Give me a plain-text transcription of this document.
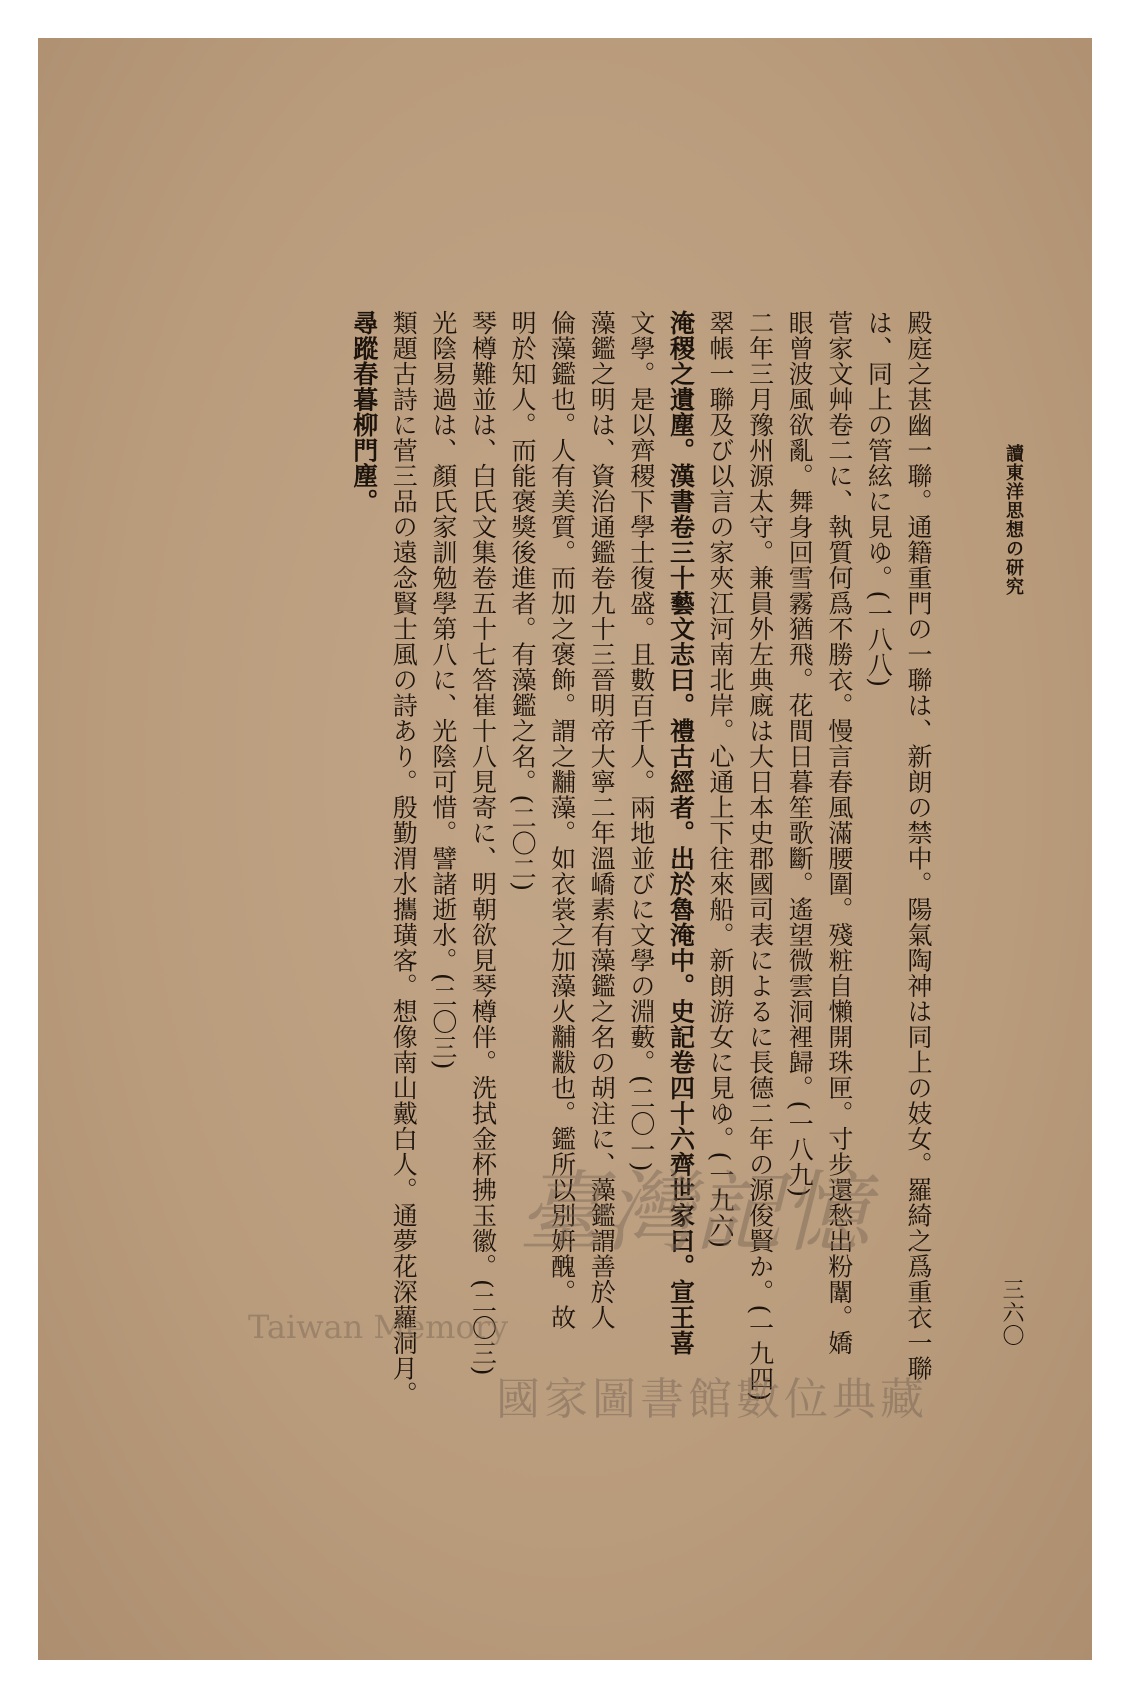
讀東洋思想の研究
三六〇
殿庭之甚幽一聯。通籍重門の一聯は、新朗の禁中。陽氣陶神は同上の妓女。羅綺之爲重衣一聯
は、同上の管絃に見ゆ。(一八八)
菅家文艸卷二に、執質何爲不勝衣。慢言春風滿腰圍。殘粧自懶開珠匣。寸步還愁出粉闈。嬌
眼曾波風欲亂。舞身回雪霧猶飛。花間日暮笙歌斷。遙望微雲洞裡歸。(一八九)
二年三月豫州源太守。兼員外左典廐は大日本史郡國司表によるに長德二年の源俊賢か。(一九四)
翠帳一聯及び以言の家夾江河南北岸。心通上下往來船。新朗游女に見ゆ。(一九六)
淹稷之遺塵。漢書卷三十藝文志曰。禮古經者。出於魯淹中。史記卷四十六齊世家曰。宣王喜
文學。是以齊稷下學士復盛。且數百千人。兩地並びに文學の淵藪。(二〇一)
藻鑑之明は、資治通鑑卷九十三晉明帝大寧二年溫嶠素有藻鑑之名の胡注に、藻鑑謂善於人
倫藻鑑也。人有美質。而加之褒飾。謂之黼藻。如衣裳之加藻火黼黻也。鑑所以別姸醜。故
明於知人。而能褒獎後進者。有藻鑑之名。(二〇二)
琴樽難並は、白氏文集卷五十七答崔十八見寄に、明朝欲見琴樽伴。洗拭金杯拂玉徽。(二〇三)
光陰易過は、顏氏家訓勉學第八に、光陰可惜。譬諸逝水。(二〇三)
類題古詩に菅三品の遠念賢士風の詩あり。殷勤渭水攜璜客。想像南山戴白人。通夢花深蘿洞月。
尋蹤春暮柳門塵。
臺灣記憶
Taiwan Memory
國家圖書館數位典藏
